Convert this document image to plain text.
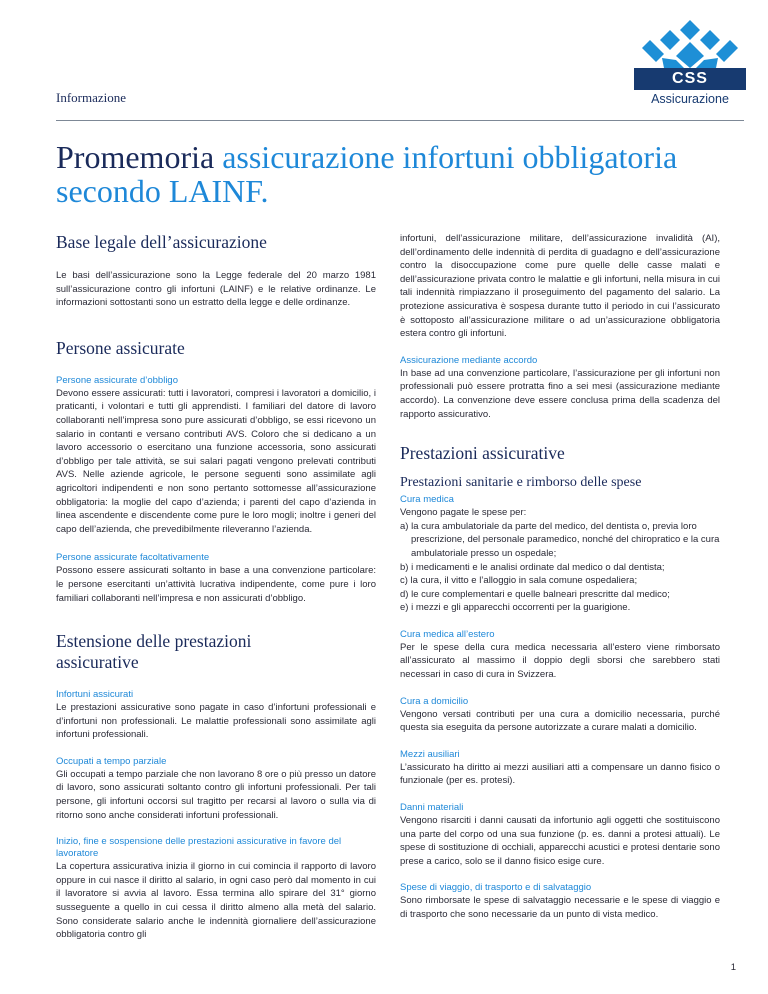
Informazione
CSS
Assicurazione
Promemoria assicurazione infortuni obbligatoria secondo LAINF.
Base legale dell’assicurazione

Le basi dell’assicurazione sono la Legge federale del 20 marzo 1981 sull’assicurazione contro gli infortuni (LAINF) e le relative ordinanze. Le informazioni sottostanti sono un estratto della legge e delle ordinanze.

Persone assicurate
Persone assicurate d’obbligo

Devono essere assicurati: tutti i lavoratori, compresi i lavoratori a domicilio, i praticanti, i volontari e tutti gli apprendisti. I familiari del datore di lavoro collaboranti nell’impresa sono pure assicurati d’obbligo, se essi ricevono un salario in contanti e versano contributi AVS. Coloro che si dedicano a un lavoro accessorio o esercitano una funzione accessoria, sono assicurati d’obbligo per tale attività, se sui salari pagati vengono prelevati contributi AVS. Nelle aziende agricole, le persone seguenti sono assimilate agli agricoltori indipendenti e non sono pertanto sottomesse all’assicurazione obbligatoria: la moglie del capo d’azienda; i parenti del capo d’azienda in linea ascendente e discendente come pure le loro mogli; inoltre i generi del capo dell’azienda, che prevedibilmente rileveranno l’azienda.

Persone assicurate facoltativamente

Possono essere assicurati soltanto in base a una convenzione particolare: le persone esercitanti un’attività lucrativa indipendente, come pure i loro familiari collaboranti nell’impresa e non assicurati d’obbligo.

Estensione delle prestazioni assicurative
Infortuni assicurati

Le prestazioni assicurative sono pagate in caso d’infortuni professionali e d’infortuni non professionali. Le malattie professionali sono assimilate agli infortuni professionali.

Occupati a tempo parziale

Gli occupati a tempo parziale che non lavorano 8 ore o più presso un datore di lavoro, sono assicurati soltanto contro gli infortuni professionali. Per tali persone, gli infortuni occorsi sul tragitto per recarsi al lavoro o sulla via di ritorno sono anche considerati infortuni professionali.

Inizio, fine e sospensione delle prestazioni assicurative in favore del lavoratore

La copertura assicurativa inizia il giorno in cui comincia il rapporto di lavoro oppure in cui nasce il diritto al salario, in ogni caso però dal momento in cui il lavoratore si avvia al lavoro. Essa termina allo spirare del 31° giorno susseguente a quello in cui cessa il diritto almeno alla metà del salario. Sono considerate salario anche le indennità giornaliere dell’assicurazione obbligatoria contro gli

infortuni, dell’assicurazione militare, dell’assicurazione invalidità (AI), dell’ordinamento delle indennità di perdita di guadagno e dell’assicurazione contro la disoccupazione come pure quelle delle casse malati e dell’assicurazione privata contro le malattie e gli infortuni, nella misura in cui tali indennità rimpiazzano il proseguimento del pagamento del salario. La protezione assicurativa è sospesa durante tutto il periodo in cui l’assicurato è sottoposto all’assicurazione militare o ad un’assicurazione obbligatoria estera contro gli infortuni.

Assicurazione mediante accordo

In base ad una convenzione particolare, l’assicurazione per gli infortuni non professionali può essere protratta fino a sei mesi (assicurazione mediante accordo). La convenzione deve essere conclusa prima della scadenza del rapporto assicurativo.

Prestazioni assicurative
Prestazioni sanitarie e rimborso delle spese
Cura medica

Vengono pagate le spese per:

a) la cura ambulatoriale da parte del medico, del dentista o, previa loro prescrizione, del personale paramedico, nonché del chiropratico e la cura ambulatoriale presso un ospedale;
b) i medicamenti e le analisi ordinate dal medico o dal dentista;
c) la cura, il vitto e l’alloggio in sala comune ospedaliera;
d) le cure complementari e quelle balneari prescritte dal medico;
e) i mezzi e gli apparecchi occorrenti per la guarigione.
Cura medica all’estero

Per le spese della cura medica necessaria all’estero viene rimborsato all’assicurato al massimo il doppio degli sborsi che sarebbero stati necessari in caso di cura in Svizzera.

Cura a domicilio

Vengono versati contributi per una cura a domicilio necessaria, purché questa sia eseguita da persone autorizzate a curare malati a domicilio.

Mezzi ausiliari

L’assicurato ha diritto ai mezzi ausiliari atti a compensare un danno fisico o funzionale (per es. protesi).

Danni materiali

Vengono risarciti i danni causati da infortunio agli oggetti che sostituiscono una parte del corpo od una sua funzione (p. es. danni a protesi attuali). Le spese di sostituzione di occhiali, apparecchi acustici e protesi dentarie sono prese a carico, solo se il danno fisico esige cure.

Spese di viaggio, di trasporto e di salvataggio

Sono rimborsate le spese di salvataggio necessarie e le spese di viaggio e di trasporto che sono necessarie da un punto di vista medico.

1
